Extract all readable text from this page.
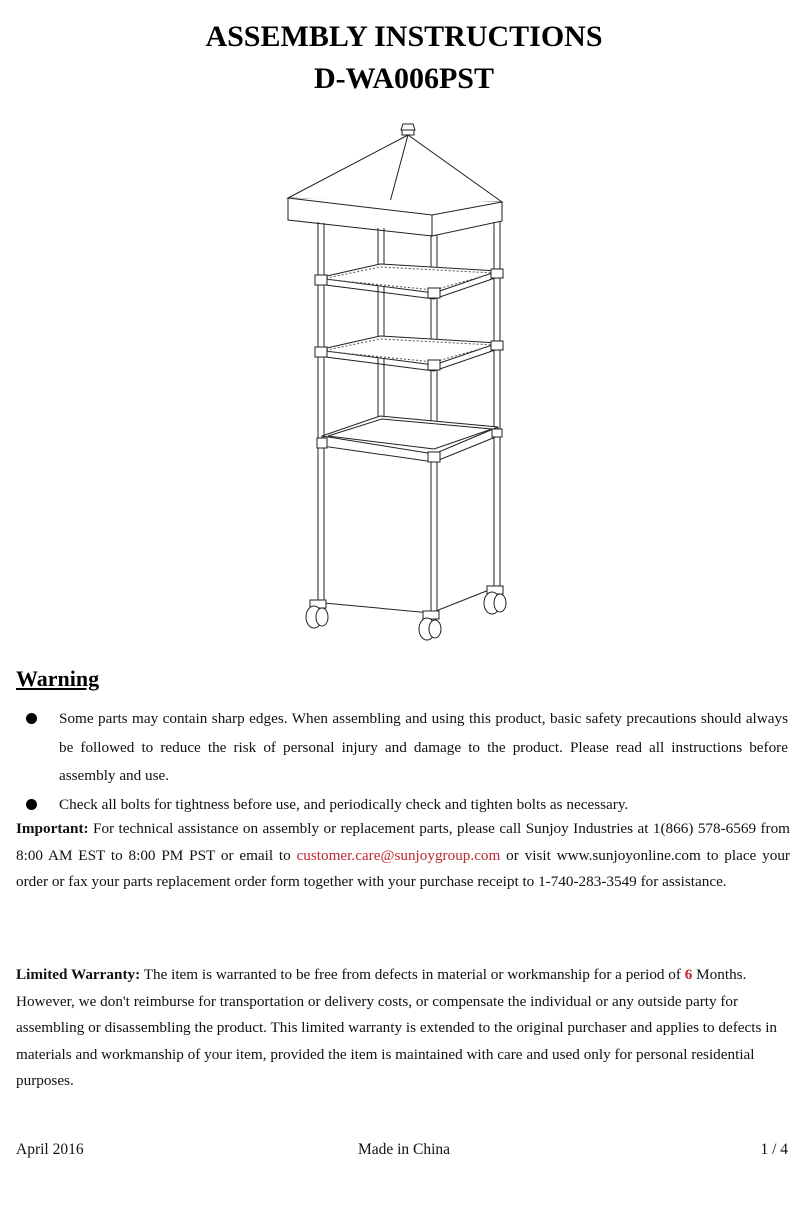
ASSEMBLY INSTRUCTIONS
D-WA006PST
Warning
Some parts may contain sharp edges. When assembling and using this product, basic safety precautions should always be followed to reduce the risk of personal injury and damage to the product. Please read all instructions before assembly and use.
Check all bolts for tightness before use, and periodically check and tighten bolts as necessary.
Important: For technical assistance on assembly or replacement parts, please call Sunjoy Industries at 1(866) 578-6569 from 8:00 AM EST to 8:00 PM PST or email to customer.care@sunjoygroup.com or visit www.sunjoyonline.com to place your order or fax your parts replacement order form together with your purchase receipt to 1-740-283-3549 for assistance.
Limited Warranty: The item is warranted to be free from defects in material or workmanship for a period of 6 Months. However, we don't reimburse for transportation or delivery costs, or compensate the individual or any outside party for assembling or disassembling the product. This limited warranty is extended to the original purchaser and applies to defects in materials and workmanship of your item, provided the item is maintained with care and used only for personal residential purposes.
April 2016	Made in China	1 / 4
